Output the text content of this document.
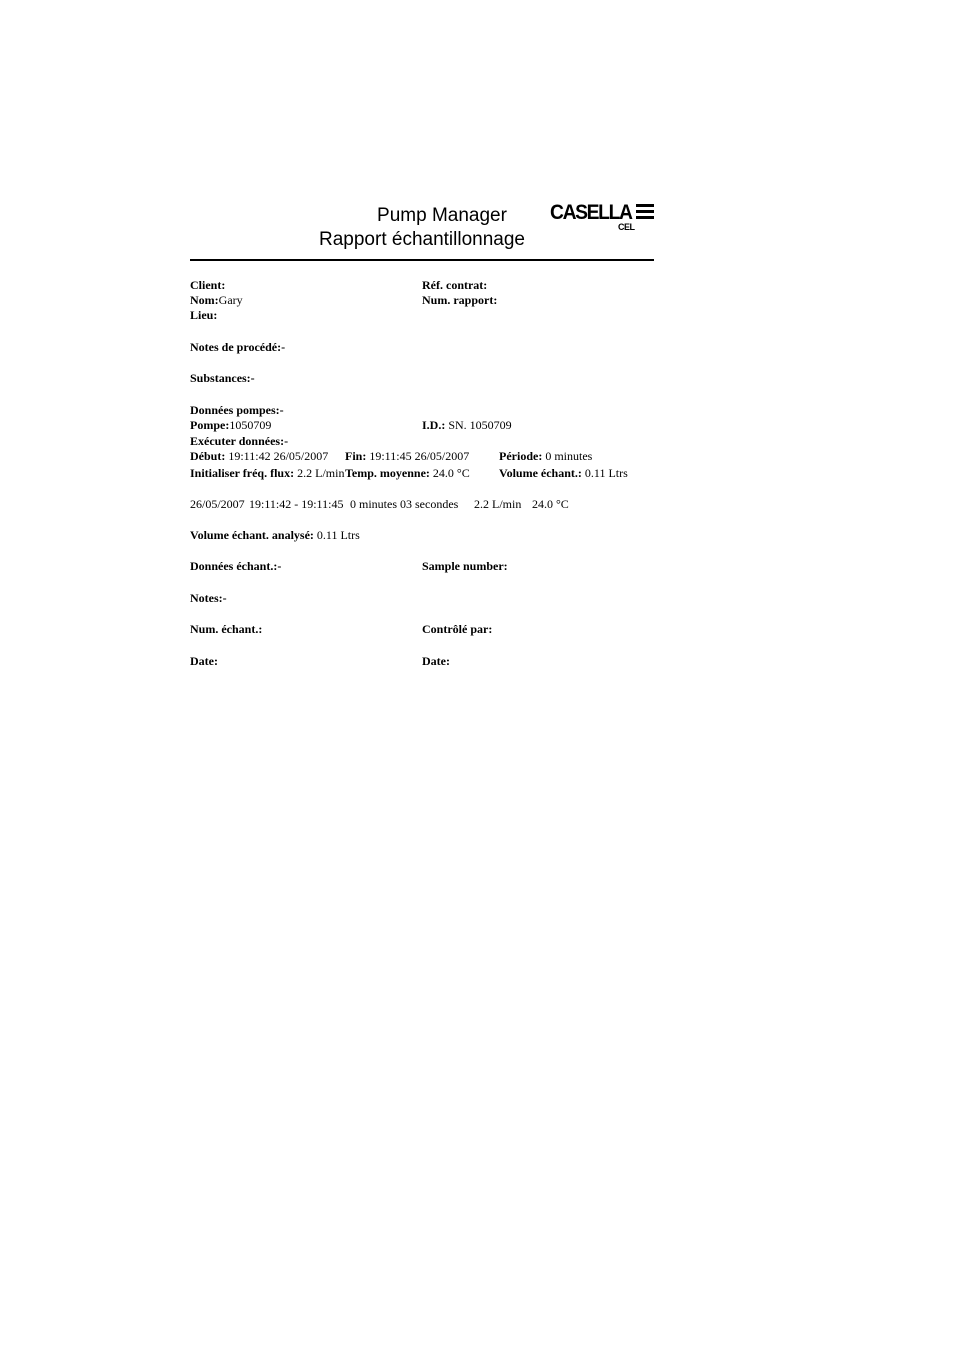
Pump Manager
Rapport échantillonnage
CASELLA
CEL
Client:	Réf. contrat:
Nom:Gary	Num. rapport:
Lieu:
Notes de procédé:-
Substances:-
Données pompes:-
Pompe:1050709	I.D.: SN. 1050709
Exécuter données:-
Début: 19:11:42 26/05/2007 Fin: 19:11:45 26/05/2007 Période: 0 minutes
Initialiser fréq. flux: 2.2 L/min Temp. moyenne: 24.0 °C Volume échant.: 0.11 Ltrs
26/05/2007 19:11:42 - 19:11:45 0 minutes 03 secondes 2.2 L/min 24.0 °C
Volume échant. analysé: 0.11 Ltrs
Données échant.:-	Sample number:
Notes:-
Num. échant.:	Contrôlé par:
Date:	Date:
